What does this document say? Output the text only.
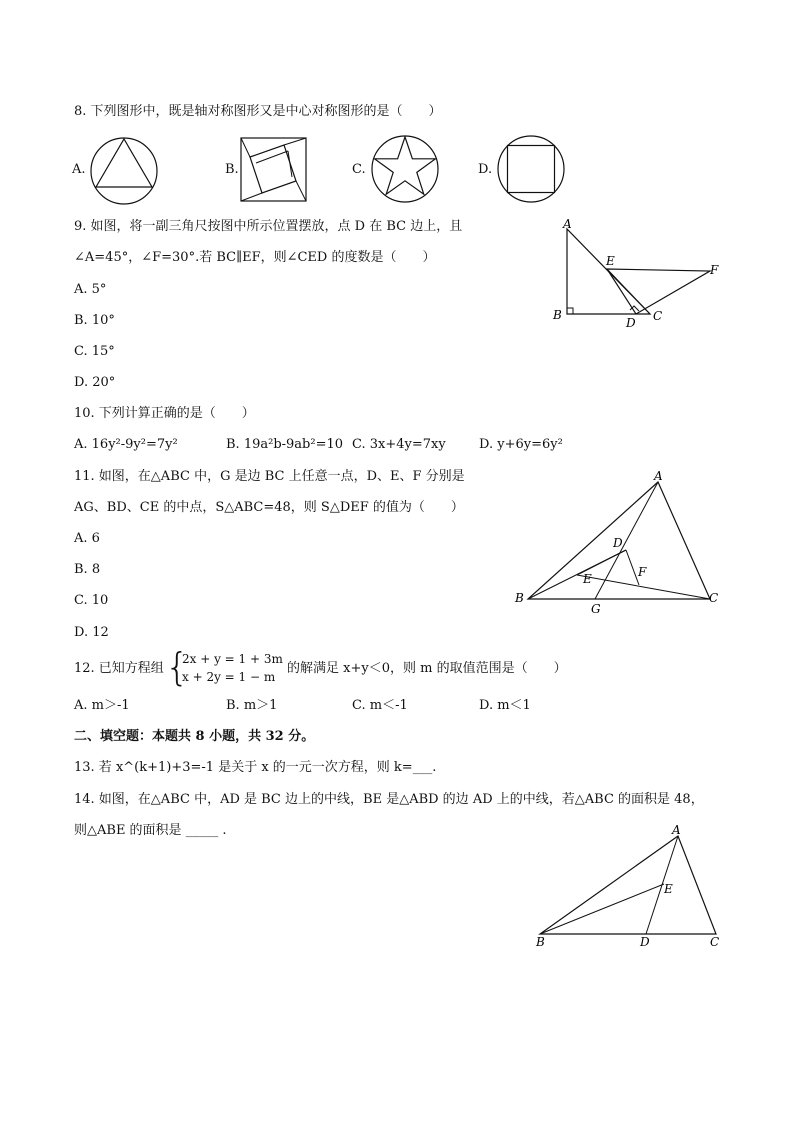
8. 下列图形中，既是轴对称图形又是中心对称图形的是（　　）
A.	B.	C.	D.
9. 如图，将一副三角尺按图中所示位置摆放，点 D 在 BC 边上，且
∠A=45°，∠F=30°.若 BC∥EF，则∠CED 的度数是（　　）
A. 5°
B. 10°
C. 15°
D. 20°
A
B	C
D
E
F
10. 下列计算正确的是（　　）
A. 16y²-9y²=7y²	B. 19a²b-9ab²=10 C. 3x+4y=7xy	D. y+6y=6y²
11. 如图，在△ABC 中，G 是边 BC 上任意一点，D、E、F 分别是
AG、BD、CE 的中点，S△ABC=48，则 S△DEF 的值为（　　）
A. 6
B. 8
C. 10
D. 12
A
B	C
D
E	F
G
12. 已知方程组 {
2x + y = 1 + 3m
x + 2y = 1 − m
的解满足 x+y＜0，则 m 的取值范围是（　　）
A. m＞-1	B. m＞1	C. m＜-1	D. m＜1
二、填空题：本题共 8 小题，共 32 分。
13. 若 x^(k+1)+3=-1 是关于 x 的一元一次方程，则 k=___.
14. 如图，在△ABC 中，AD 是 BC 边上的中线，BE 是△ABD 的边 AD 上的中线，若△ABC 的面积是 48，
则△ABE 的面积是 _____ .	A
B	C
D
E
